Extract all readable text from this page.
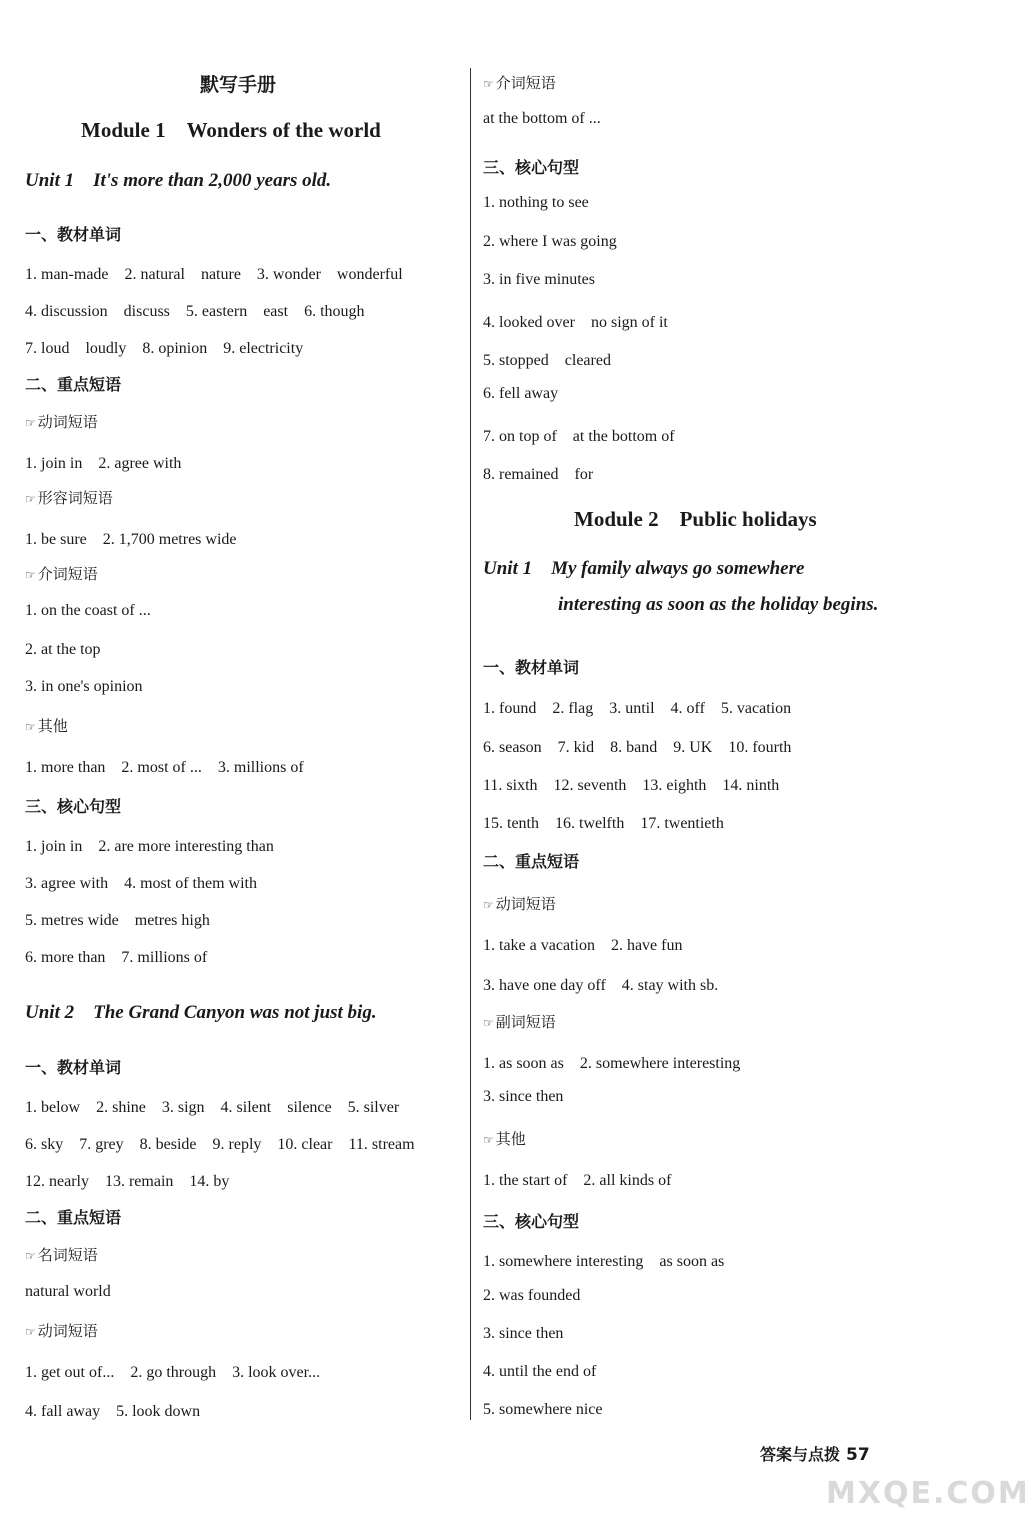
默写手册
Module 1　Wonders of the world
Unit 1　It's more than 2,000 years old.
一、教材单词
1. man-made　2. natural　nature　3. wonder　wonderful
4. discussion　discuss　5. eastern　east　6. though
7. loud　loudly　8. opinion　9. electricity
二、重点短语
☞ 动词短语
1. join in　2. agree with
☞ 形容词短语
1. be sure　2. 1,700 metres wide
☞ 介词短语
1. on the coast of ...
2. at the top
3. in one's opinion
☞ 其他
1. more than　2. most of ...　3. millions of
三、核心句型
1. join in　2. are more interesting than
3. agree with　4. most of them with
5. metres wide　metres high
6. more than　7. millions of
Unit 2　The Grand Canyon was not just big.
一、教材单词
1. below　2. shine　3. sign　4. silent　silence　5. silver
6. sky　7. grey　8. beside　9. reply　10. clear　11. stream
12. nearly　13. remain　14. by
二、重点短语
☞ 名词短语
natural world
☞ 动词短语
1. get out of...　2. go through　3. look over...
4. fall away　5. look down
☞ 介词短语
at the bottom of ...
三、核心句型
1. nothing to see
2. where I was going
3. in five minutes
4. looked over　no sign of it
5. stopped　cleared
6. fell away
7. on top of　at the bottom of
8. remained　for
Module 2　Public holidays
Unit 1　My family always go somewhere
interesting as soon as the holiday begins.
一、教材单词
1. found　2. flag　3. until　4. off　5. vacation
6. season　7. kid　8. band　9. UK　10. fourth
11. sixth　12. seventh　13. eighth　14. ninth
15. tenth　16. twelfth　17. twentieth
二、重点短语
☞ 动词短语
1. take a vacation　2. have fun
3. have one day off　4. stay with sb.
☞ 副词短语
1. as soon as　2. somewhere interesting
3. since then
☞ 其他
1. the start of　2. all kinds of
三、核心句型
1. somewhere interesting　as soon as
2. was founded
3. since then
4. until the end of
5. somewhere nice
答案与点拨 57
MXQE.COM
